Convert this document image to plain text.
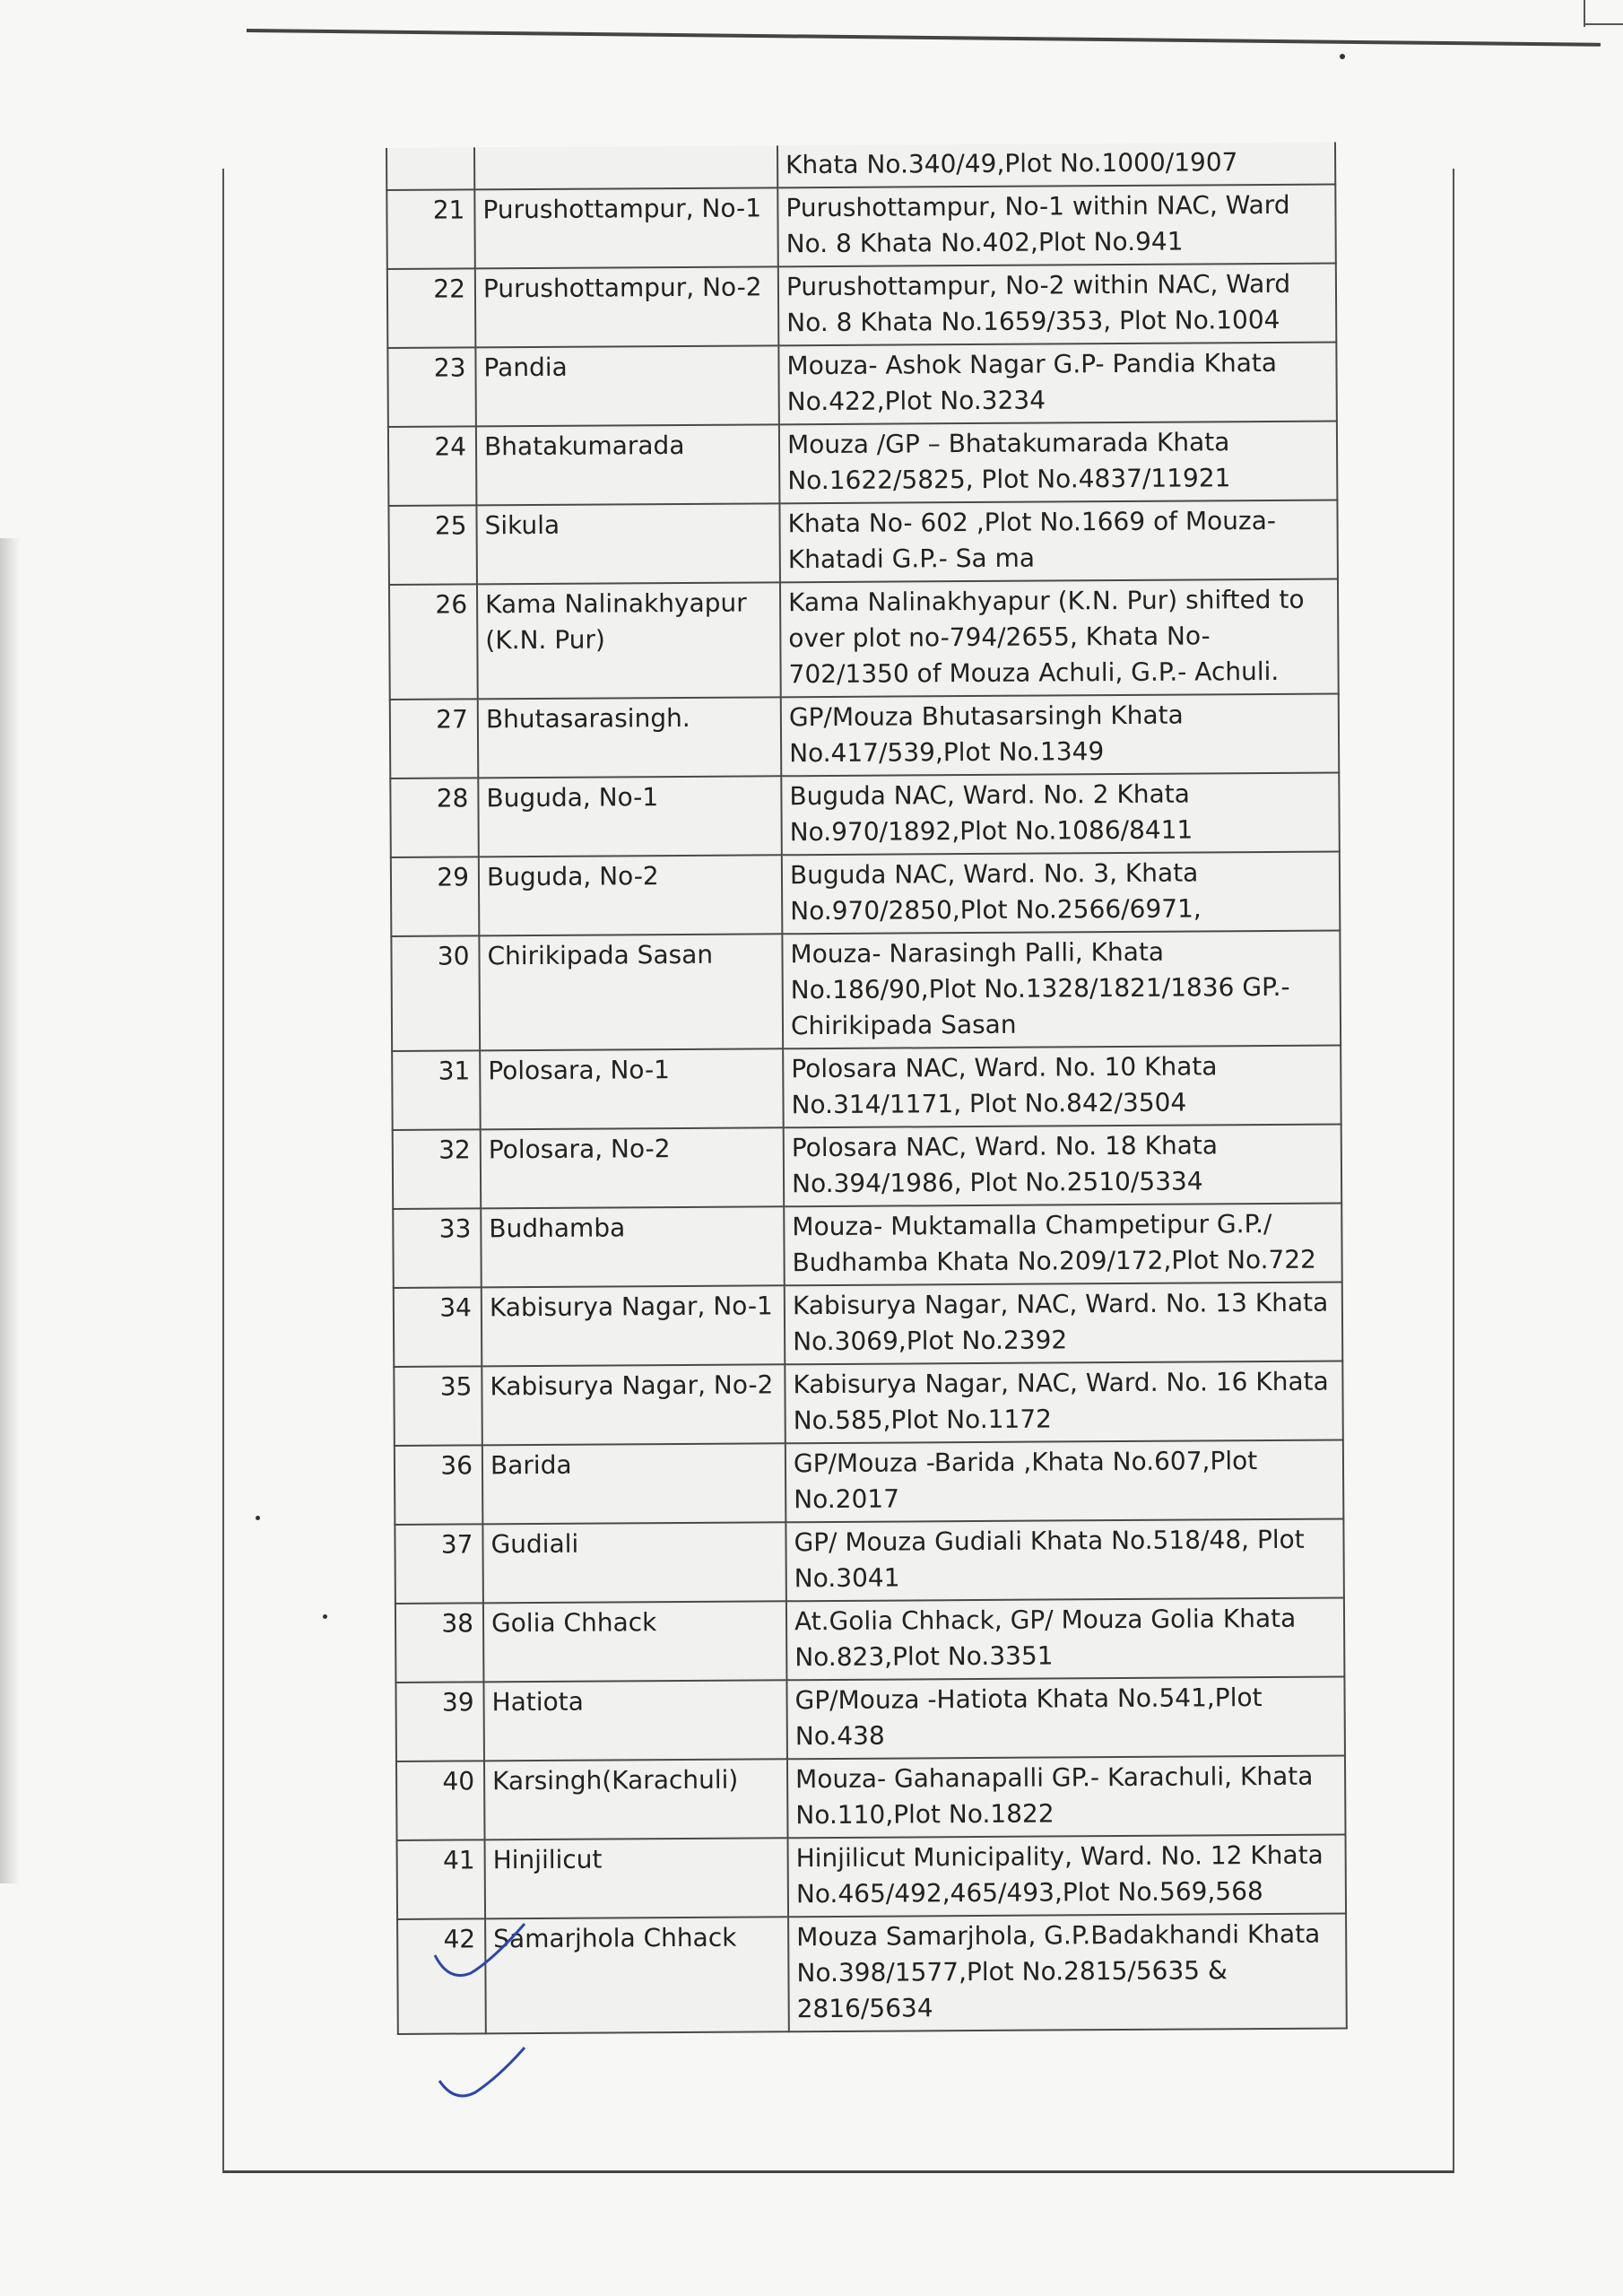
		Khata No.340/49,Plot No.1000/1907
21	Purushottampur, No-1	Purushottampur, No-1 within NAC, Ward No. 8 Khata No.402,Plot No.941
22	Purushottampur, No-2	Purushottampur, No-2 within NAC, Ward No. 8 Khata No.1659/353, Plot No.1004
23	Pandia	Mouza- Ashok Nagar G.P- Pandia Khata No.422,Plot No.3234
24	Bhatakumarada	Mouza /GP – Bhatakumarada Khata No.1622/5825, Plot No.4837/11921
25	Sikula	Khata No- 602 ,Plot No.1669 of Mouza- Khatadi G.P.- Sa ma
26	Kama Nalinakhyapur (K.N. Pur)	Kama Nalinakhyapur (K.N. Pur) shifted to over plot no-794/2655, Khata No-702/1350 of Mouza Achuli, G.P.- Achuli.
27	Bhutasarasingh.	GP/Mouza Bhutasarsingh Khata No.417/539,Plot No.1349
28	Buguda, No-1	Buguda NAC, Ward. No. 2 Khata No.970/1892,Plot No.1086/8411
29	Buguda, No-2	Buguda NAC, Ward. No. 3, Khata No.970/2850,Plot No.2566/6971,
30	Chirikipada Sasan	Mouza- Narasingh Palli, Khata No.186/90,Plot No.1328/1821/1836 GP.- Chirikipada Sasan
31	Polosara, No-1	Polosara NAC, Ward. No. 10 Khata No.314/1171, Plot No.842/3504
32	Polosara, No-2	Polosara NAC, Ward. No. 18 Khata No.394/1986, Plot No.2510/5334
33	Budhamba	Mouza- Muktamalla Champetipur G.P./ Budhamba Khata No.209/172,Plot No.722
34	Kabisurya Nagar, No-1	Kabisurya Nagar, NAC, Ward. No. 13 Khata No.3069,Plot No.2392
35	Kabisurya Nagar, No-2	Kabisurya Nagar, NAC, Ward. No. 16 Khata No.585,Plot No.1172
36	Barida	GP/Mouza -Barida ,Khata No.607,Plot No.2017
37	Gudiali	GP/ Mouza Gudiali Khata No.518/48, Plot No.3041
38	Golia Chhack	At.Golia Chhack, GP/ Mouza Golia Khata No.823,Plot No.3351
39	Hatiota	GP/Mouza -Hatiota Khata No.541,Plot No.438
40	Karsingh(Karachuli)	Mouza- Gahanapalli GP.- Karachuli, Khata No.110,Plot No.1822
41	Hinjilicut	Hinjilicut Municipality, Ward. No. 12 Khata No.465/492,465/493,Plot No.569,568
42	Samarjhola Chhack	Mouza Samarjhola, G.P.Badakhandi Khata No.398/1577,Plot No.2815/5635 & 2816/5634
